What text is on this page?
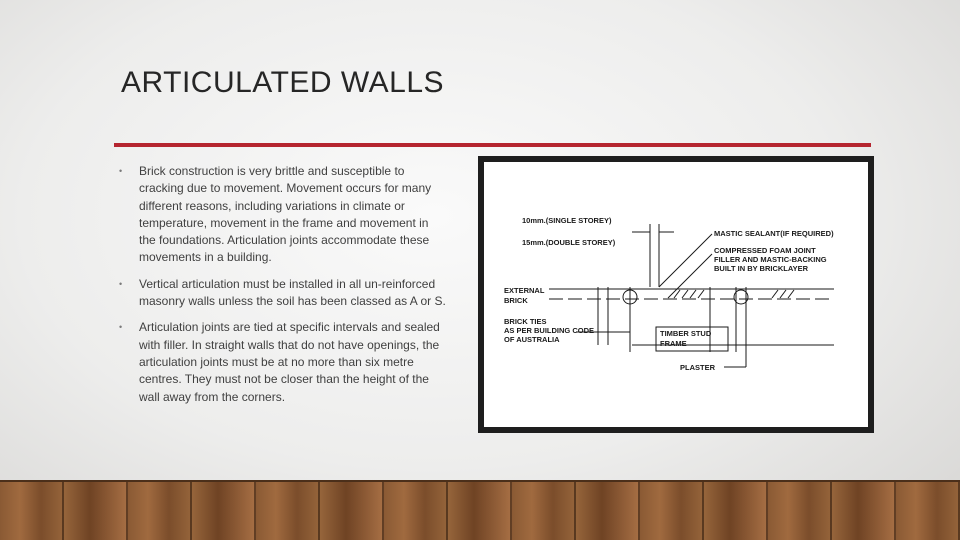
ARTICULATED WALLS
• Brick construction is very brittle and susceptible to cracking due to movement. Movement occurs for many different reasons, including variations in climate or temperature, movement in the frame and movement in the foundations. Articulation joints accommodate these movements in a building.
• Vertical articulation must be installed in all un-reinforced masonry walls unless the soil has been classed as A or S.
• Articulation joints are tied at specific intervals and sealed with filler. In straight walls that do not have openings, the articulation joints must be at no more than six metre centres. They must not be closer than the height of the wall away from the corners.
10mm.(SINGLE STOREY)
15mm.(DOUBLE STOREY)
MASTIC SEALANT(IF REQUIRED)
COMPRESSED FOAM JOINT
FILLER AND MASTIC-BACKING
BUILT IN BY BRICKLAYER
EXTERNAL
BRICK
BRICK TIES
AS PER BUILDING CODE
OF AUSTRALIA
TIMBER STUD
FRAME
PLASTER
